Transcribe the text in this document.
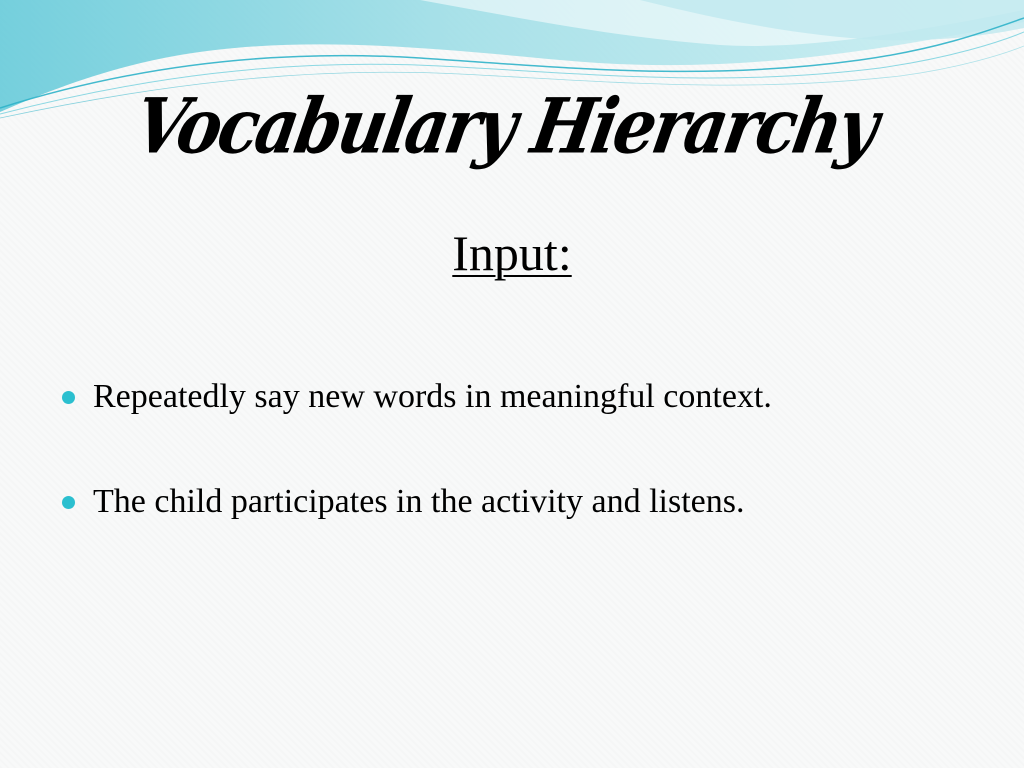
Vocabulary Hierarchy
Input:
Repeatedly say new words in meaningful context.
The child participates in the activity and listens.
